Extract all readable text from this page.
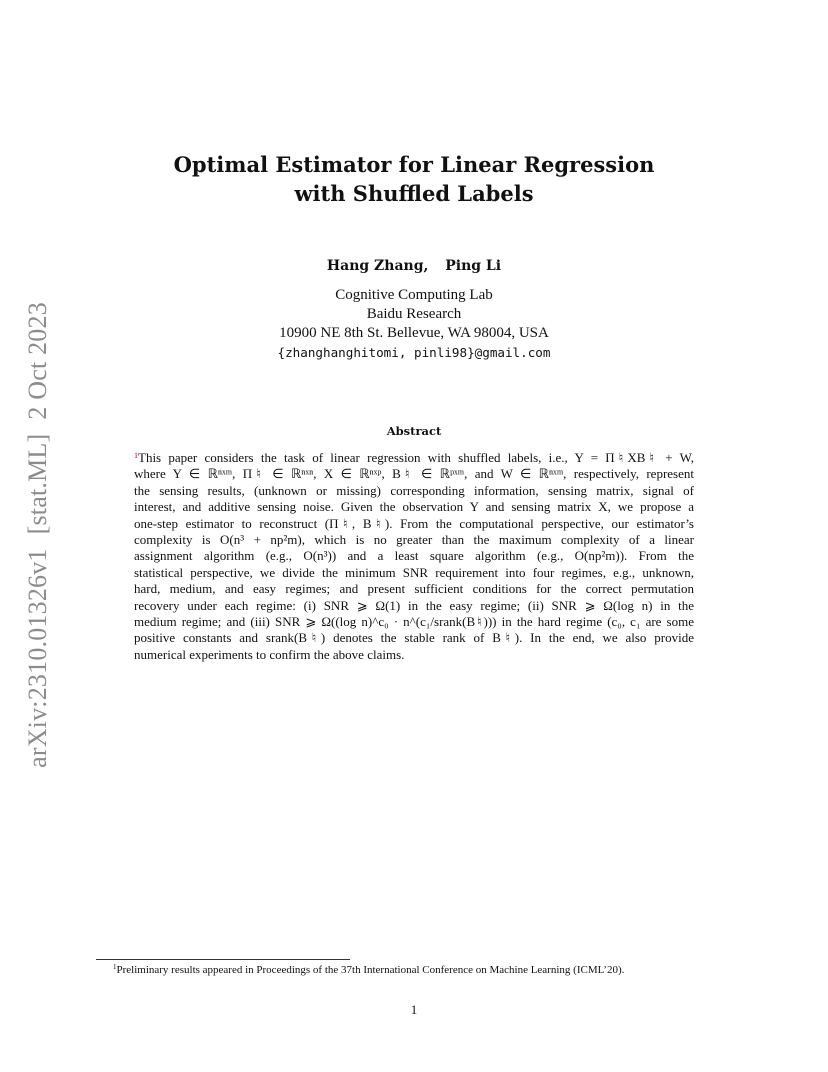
arXiv:2310.01326v1[stat.ML]2 Oct 2023
Optimal Estimator for Linear Regression
with Shuffled Labels
Hang Zhang, Ping Li
Cognitive Computing Lab
Baidu Research
10900 NE 8th St. Bellevue, WA 98004, USA
{zhanghanghitomi, pinli98}@gmail.com
Abstract
$^1$This paper considers the task of linear regression with shuffled labels, i.e., Y = Π♮XB♮ + W,
where Y ∈ ℝⁿˣᵐ, Π♮ ∈ ℝⁿˣⁿ, X ∈ ℝⁿˣᵖ, B♮ ∈ ℝᵖˣᵐ, and W ∈ ℝⁿˣᵐ, respectively, represent
the sensing results, (unknown or missing) corresponding information, sensing matrix, signal of
interest, and additive sensing noise. Given the observation Y and sensing matrix X, we propose a
one-step estimator to reconstruct (Π♮, B♮). From the computational perspective, our estimator’s
complexity is O(n³ + np²m), which is no greater than the maximum complexity of a linear
assignment algorithm (e.g., O(n³)) and a least square algorithm (e.g., O(np²m)). From the
statistical perspective, we divide the minimum SNR requirement into four regimes, e.g., unknown,
hard, medium, and easy regimes; and present sufficient conditions for the correct permutation
recovery under each regime: (i) SNR ⩾ Ω(1) in the easy regime; (ii) SNR ⩾ Ω(log n) in the
medium regime; and (iii) SNR ⩾ Ω((log n)^c₀ · n^(c₁/srank(B♮))) in the hard regime (c₀, c₁ are some
positive constants and srank(B♮) denotes the stable rank of B♮). In the end, we also provide
numerical experiments to confirm the above claims.
$^1$Preliminary results appeared in Proceedings of the 37th International Conference on Machine Learning (ICML’20).
1
